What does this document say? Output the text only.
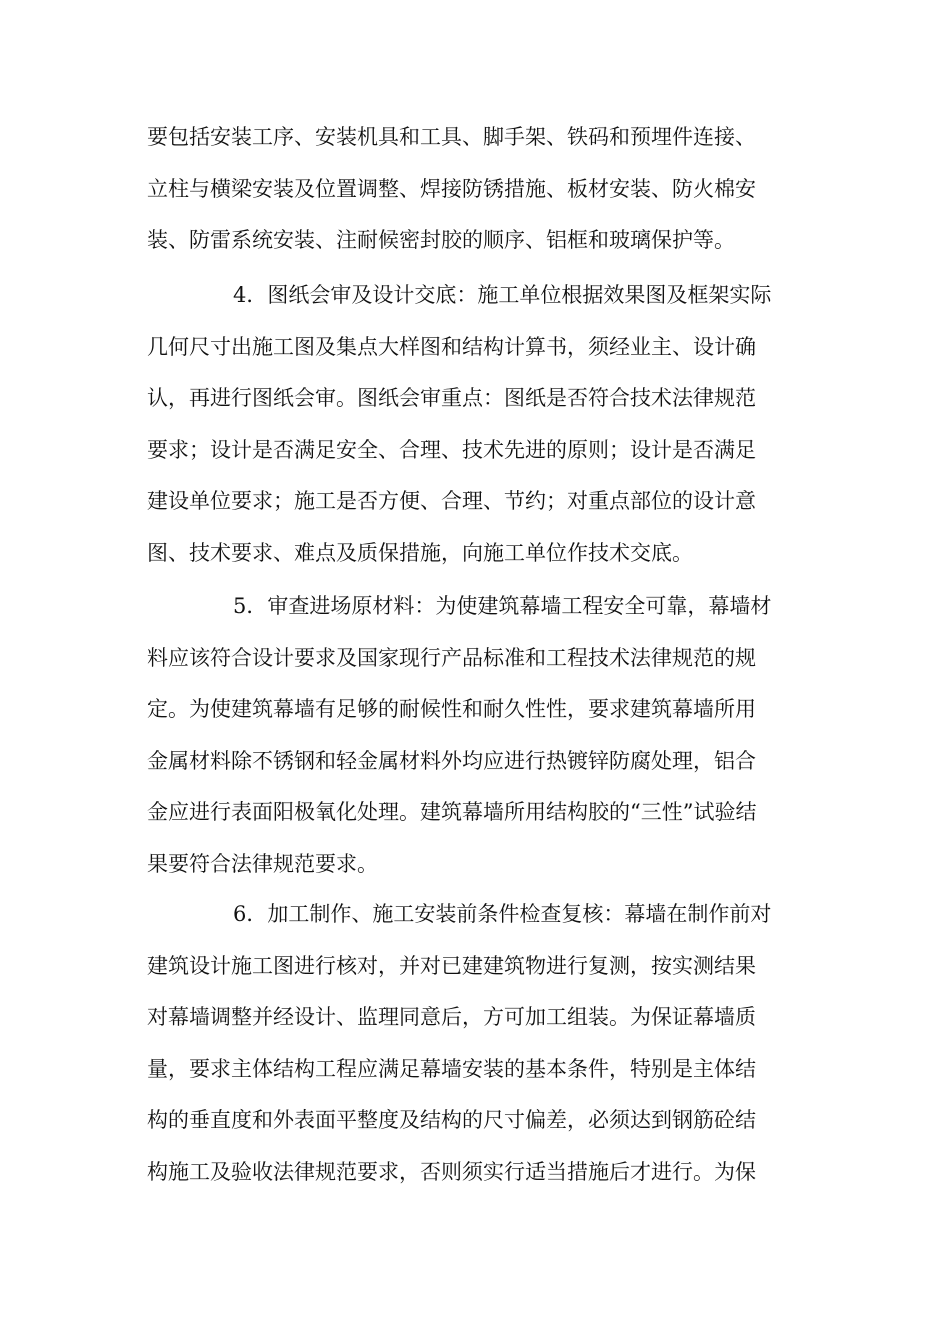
要包括安装工序、安装机具和工具、脚手架、铁码和预埋件连接、
立柱与横梁安装及位置调整、焊接防锈措施、板材安装、防火棉安
装、防雷系统安装、注耐候密封胶的顺序、铝框和玻璃保护等。
4．图纸会审及设计交底：施工单位根据效果图及框架实际
几何尺寸出施工图及集点大样图和结构计算书，须经业主、设计确
认，再进行图纸会审。图纸会审重点：图纸是否符合技术法律规范
要求；设计是否满足安全、合理、技术先进的原则；设计是否满足
建设单位要求；施工是否方便、合理、节约；对重点部位的设计意
图、技术要求、难点及质保措施，向施工单位作技术交底。
5．审查进场原材料：为使建筑幕墙工程安全可靠，幕墙材
料应该符合设计要求及国家现行产品标准和工程技术法律规范的规
定。为使建筑幕墙有足够的耐候性和耐久性性，要求建筑幕墙所用
金属材料除不锈钢和轻金属材料外均应进行热镀锌防腐处理，铝合
金应进行表面阳极氧化处理。建筑幕墙所用结构胶的“三性”试验结
果要符合法律规范要求。
6．加工制作、施工安装前条件检查复核：幕墙在制作前对
建筑设计施工图进行核对，并对已建建筑物进行复测，按实测结果
对幕墙调整并经设计、监理同意后，方可加工组装。为保证幕墙质
量，要求主体结构工程应满足幕墙安装的基本条件，特别是主体结
构的垂直度和外表面平整度及结构的尺寸偏差，必须达到钢筋砼结
构施工及验收法律规范要求，否则须实行适当措施后才进行。为保
